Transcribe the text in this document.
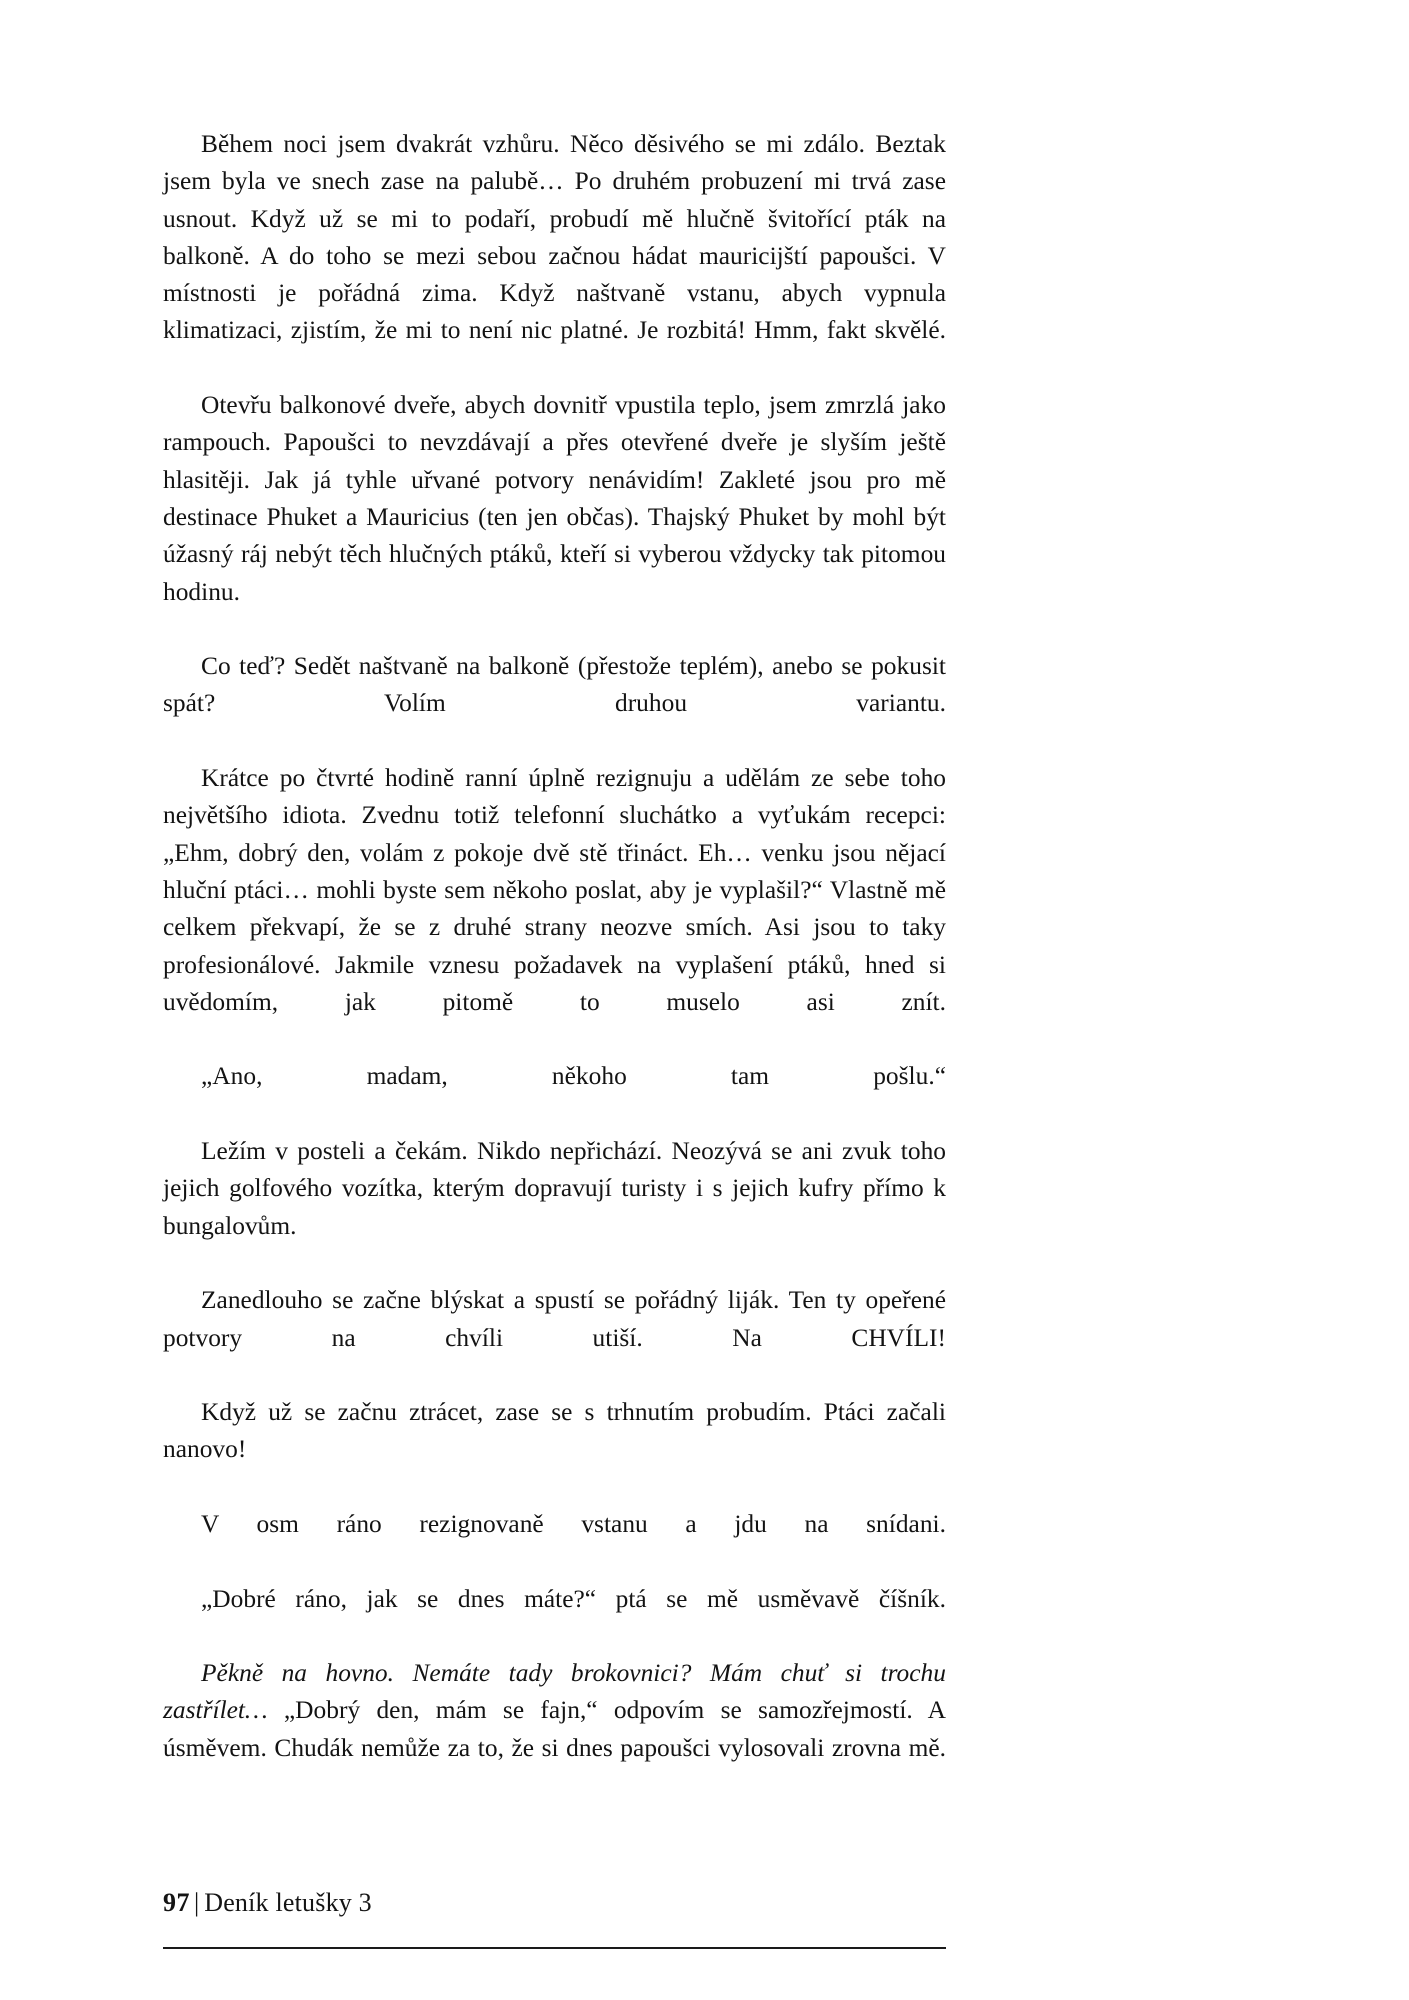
Během noci jsem dvakrát vzhůru. Něco děsivého se mi zdálo. Beztak jsem byla ve snech zase na palubě… Po druhém probuzení mi trvá zase usnout. Když už se mi to podaří, probudí mě hlučně švitořící pták na balkoně. A do toho se mezi sebou začnou hádat mauricijští papoušci. V místnosti je pořádná zima. Když naštvaně vstanu, abych vypnula klimatizaci, zjistím, že mi to není nic platné. Je rozbitá! Hmm, fakt skvělé.

Otevřu balkonové dveře, abych dovnitř vpustila teplo, jsem zmrzlá jako rampouch. Papoušci to nevzdávají a přes otevřené dveře je slyším ještě hlasitěji. Jak já tyhle uřvané potvory nenávidím! Zakleté jsou pro mě destinace Phuket a Mauricius (ten jen občas). Thajský Phuket by mohl být úžasný ráj nebýt těch hlučných ptáků, kteří si vyberou vždycky tak pitomou hodinu.

Co teď? Sedět naštvaně na balkoně (přestože teplém), anebo se pokusit spát? Volím druhou variantu.

Krátce po čtvrté hodině ranní úplně rezignuju a udělám ze sebe toho největšího idiota. Zvednu totiž telefonní sluchátko a vyťukám recepci: „Ehm, dobrý den, volám z pokoje dvě stě třináct. Eh… venku jsou nějací hluční ptáci… mohli byste sem někoho poslat, aby je vyplašil?“ Vlastně mě celkem překvapí, že se z druhé strany neozve smích. Asi jsou to taky profesionálové. Jakmile vznesu požadavek na vyplašení ptáků, hned si uvědomím, jak pitomě to muselo asi znít.

„Ano, madam, někoho tam pošlu.“

Ležím v posteli a čekám. Nikdo nepřichází. Neozývá se ani zvuk toho jejich golfového vozítka, kterým dopravují turisty i s jejich kufry přímo k bungalovům.

Zanedlouho se začne blýskat a spustí se pořádný liják. Ten ty opeřené potvory na chvíli utiší. Na CHVÍLI!

Když už se začnu ztrácet, zase se s trhnutím probudím. Ptáci začali nanovo!

V osm ráno rezignovaně vstanu a jdu na snídani.

„Dobré ráno, jak se dnes máte?“ ptá se mě usměvavě číšník.

Pěkně na hovno. Nemáte tady brokovnici? Mám chuť si trochu zastřílet… „Dobrý den, mám se fajn,“ odpovím se samozřejmostí. A úsměvem. Chudák nemůže za to, že si dnes papoušci vylosovali zrovna mě.

97 | Deník letušky 3
